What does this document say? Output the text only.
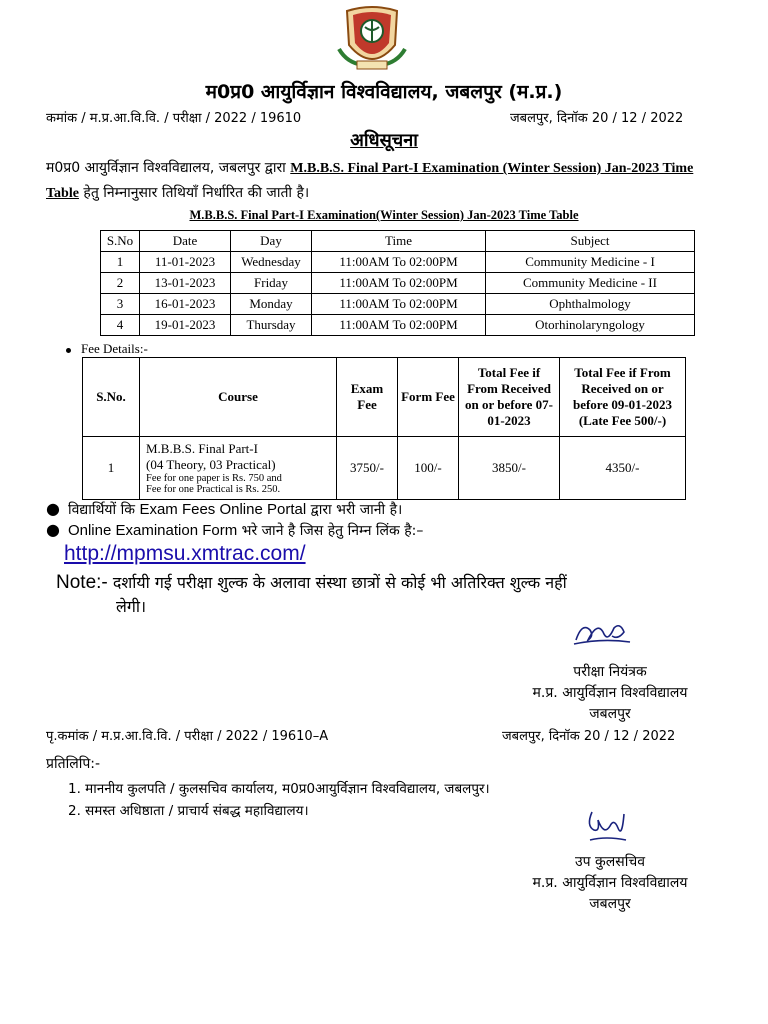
म0प्र0 आयुर्विज्ञान विश्वविद्यालय, जबलपुर (म.प्र.)
कमांक / म.प्र.आ.वि.वि. / परीक्षा / 2022 / 19610	जबलपुर, दिनॉक 20 / 12 / 2022
अधिसूचना
म0प्र0 आयुर्विज्ञान विश्वविद्यालय, जबलपुर द्वारा M.B.B.S. Final Part-I Examination (Winter Session) Jan-2023 Time Table हेतु निम्नानुसार तिथियॉं निर्धारित की जाती है।
M.B.B.S. Final Part-I Examination(Winter Session) Jan-2023 Time Table
S.No	Date	Day	Time	Subject
1	11-01-2023	Wednesday	11:00AM To 02:00PM	Community Medicine - I
2	13-01-2023	Friday	11:00AM To 02:00PM	Community Medicine - II
3	16-01-2023	Monday	11:00AM To 02:00PM	Ophthalmology
4	19-01-2023	Thursday	11:00AM To 02:00PM	Otorhinolaryngology
Fee Details:-
S.No.	Course	Exam Fee	Form Fee	Total Fee if From Received on or before 07-01-2023	Total Fee if From Received on or before 09-01-2023 (Late Fee 500/-)
1	M.B.B.S. Final Part-I
(04 Theory, 03 Practical)
Fee for one paper is Rs. 750 and
Fee for one Practical is Rs. 250.	3750/-	100/-	3850/-	4350/-
● विद्यार्थियों कि Exam Fees Online Portal द्वारा भरी जानी है।
● Online Examination Form भरे जाने है जिस हेतु निम्न लिंक है:–
http://mpmsu.xmtrac.com/
Note:- दर्शायी गई परीक्षा शुल्क के अलावा संस्था छात्रों से कोई भी अतिरिक्त शुल्क नहीं
लेगी।
परीक्षा नियंत्रक
म.प्र. आयुर्विज्ञान विश्वविद्यालय
जबलपुर
पृ.कमांक / म.प्र.आ.वि.वि. / परीक्षा / 2022 / 19610–A	जबलपुर, दिनॉक 20 / 12 / 2022
प्रतिलिपि:-
1. माननीय कुलपति / कुलसचिव कार्यालय, म0प्र0आयुर्विज्ञान विश्वविद्यालय, जबलपुर।
2. समस्त अधिष्ठाता / प्राचार्य संबद्ध महाविद्यालय।
उप कुलसचिव
म.प्र. आयुर्विज्ञान विश्वविद्यालय
जबलपुर
